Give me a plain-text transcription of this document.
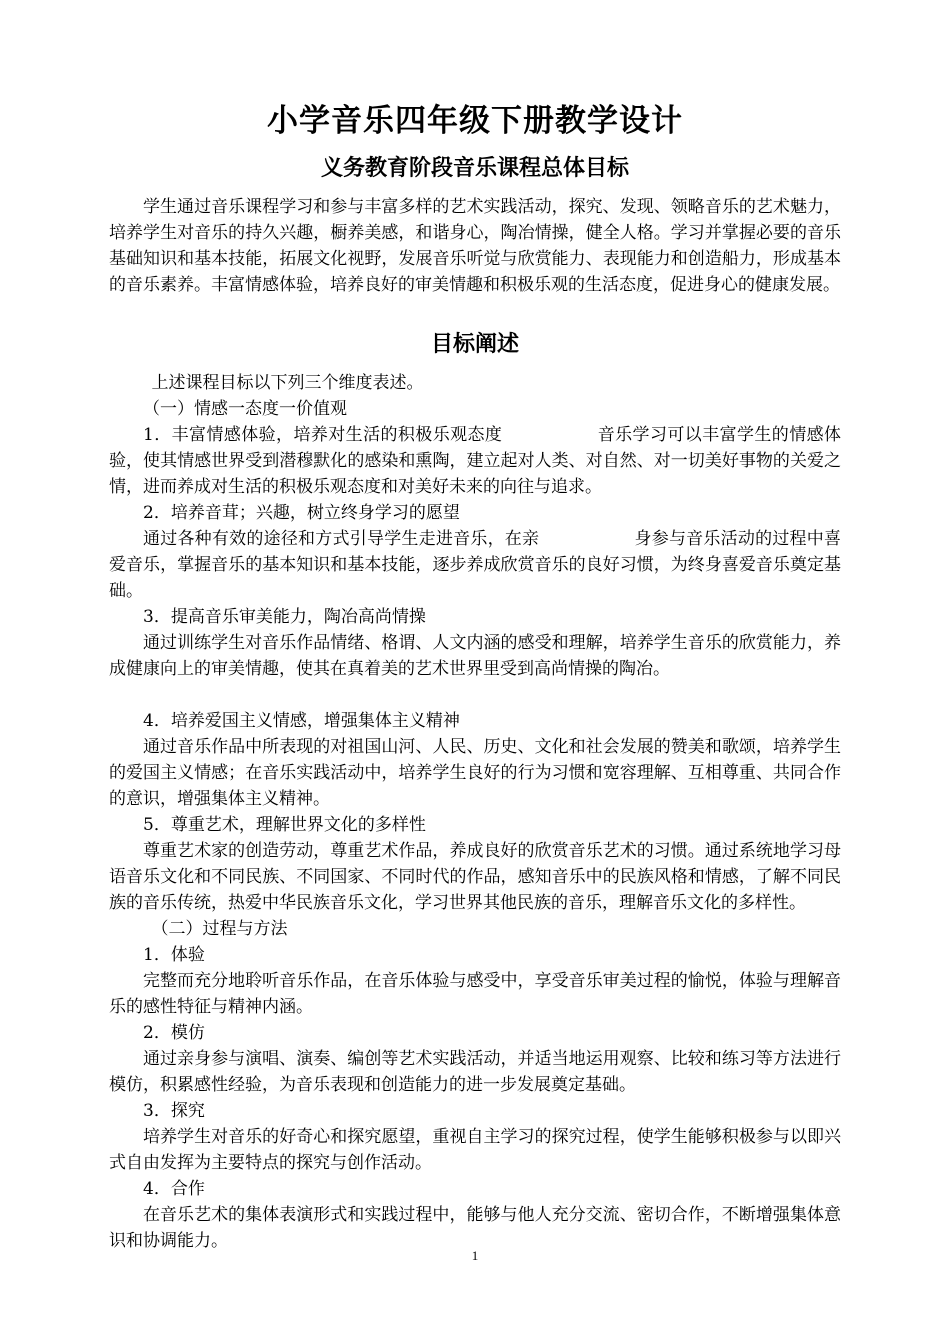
小学音乐四年级下册教学设计
义务教育阶段音乐课程总体目标

学生通过音乐课程学习和参与丰富多样的艺术实践活动，探究、发现、领略音乐的艺术魅力，培养学生对音乐的持久兴趣，橱养美感，和谐身心，陶冶情操，健全人格。学习并掌握必要的音乐基础知识和基本技能，拓展文化视野，发展音乐听觉与欣赏能力、表现能力和创造船力，形成基本的音乐素养。丰富情感体验，培养良好的审美情趣和积极乐观的生活态度，促进身心的健康发展。

目标阐述

上述课程目标以下列三个维度表述。

（一）情感一态度一价值观

1．丰富情感体验，培养对生活的积极乐观态度	音乐学习可以丰富学生的情感体验，使其情感世界受到潜穆默化的感染和熏陶，建立起对人类、对自然、对一切美好事物的关爱之情，进而养成对生活的积极乐观态度和对美好未来的向往与追求。

2．培养音茸；兴趣，树立终身学习的愿望

通过各种有效的途径和方式引导学生走进音乐，在亲	身参与音乐活动的过程中喜爱音乐，掌握音乐的基本知识和基本技能，逐步养成欣赏音乐的良好习惯，为终身喜爱音乐奠定基础。

3．提高音乐审美能力，陶冶高尚情操

通过训练学生对音乐作品情绪、格谓、人文内涵的感受和理解，培养学生音乐的欣赏能力，养成健康向上的审美情趣，使其在真着美的艺术世界里受到高尚情操的陶冶。

4．培养爱国主义情感，增强集体主义精神

通过音乐作品中所表现的对祖国山河、人民、历史、文化和社会发展的赞美和歌颂，培养学生的爱国主义情感；在音乐实践活动中，培养学生良好的行为习惯和宽容理解、互相尊重、共同合作的意识，增强集体主义精神。

5．尊重艺术，理解世界文化的多样性

尊重艺术家的创造劳动，尊重艺术作品，养成良好的欣赏音乐艺术的习惯。通过系统地学习母语音乐文化和不同民族、不同国家、不同时代的作品，感知音乐中的民族风格和情感，了解不同民族的音乐传统，热爱中华民族音乐文化，学习世界其他民族的音乐，理解音乐文化的多样性。

（二）过程与方法

1．体验

完整而充分地聆听音乐作品，在音乐体验与感受中，享受音乐审美过程的愉悦，体验与理解音乐的感性特征与精神内涵。

2．模仿

通过亲身参与演唱、演奏、编创等艺术实践活动，并适当地运用观察、比较和练习等方法进行模仿，积累感性经验，为音乐表现和创造能力的进一步发展奠定基础。

3．探究

培养学生对音乐的好奇心和探究愿望，重视自主学习的探究过程，使学生能够积极参与以即兴式自由发挥为主要特点的探究与创作活动。

4．合作

在音乐艺术的集体表演形式和实践过程中，能够与他人充分交流、密切合作，不断增强集体意识和协调能力。

1
